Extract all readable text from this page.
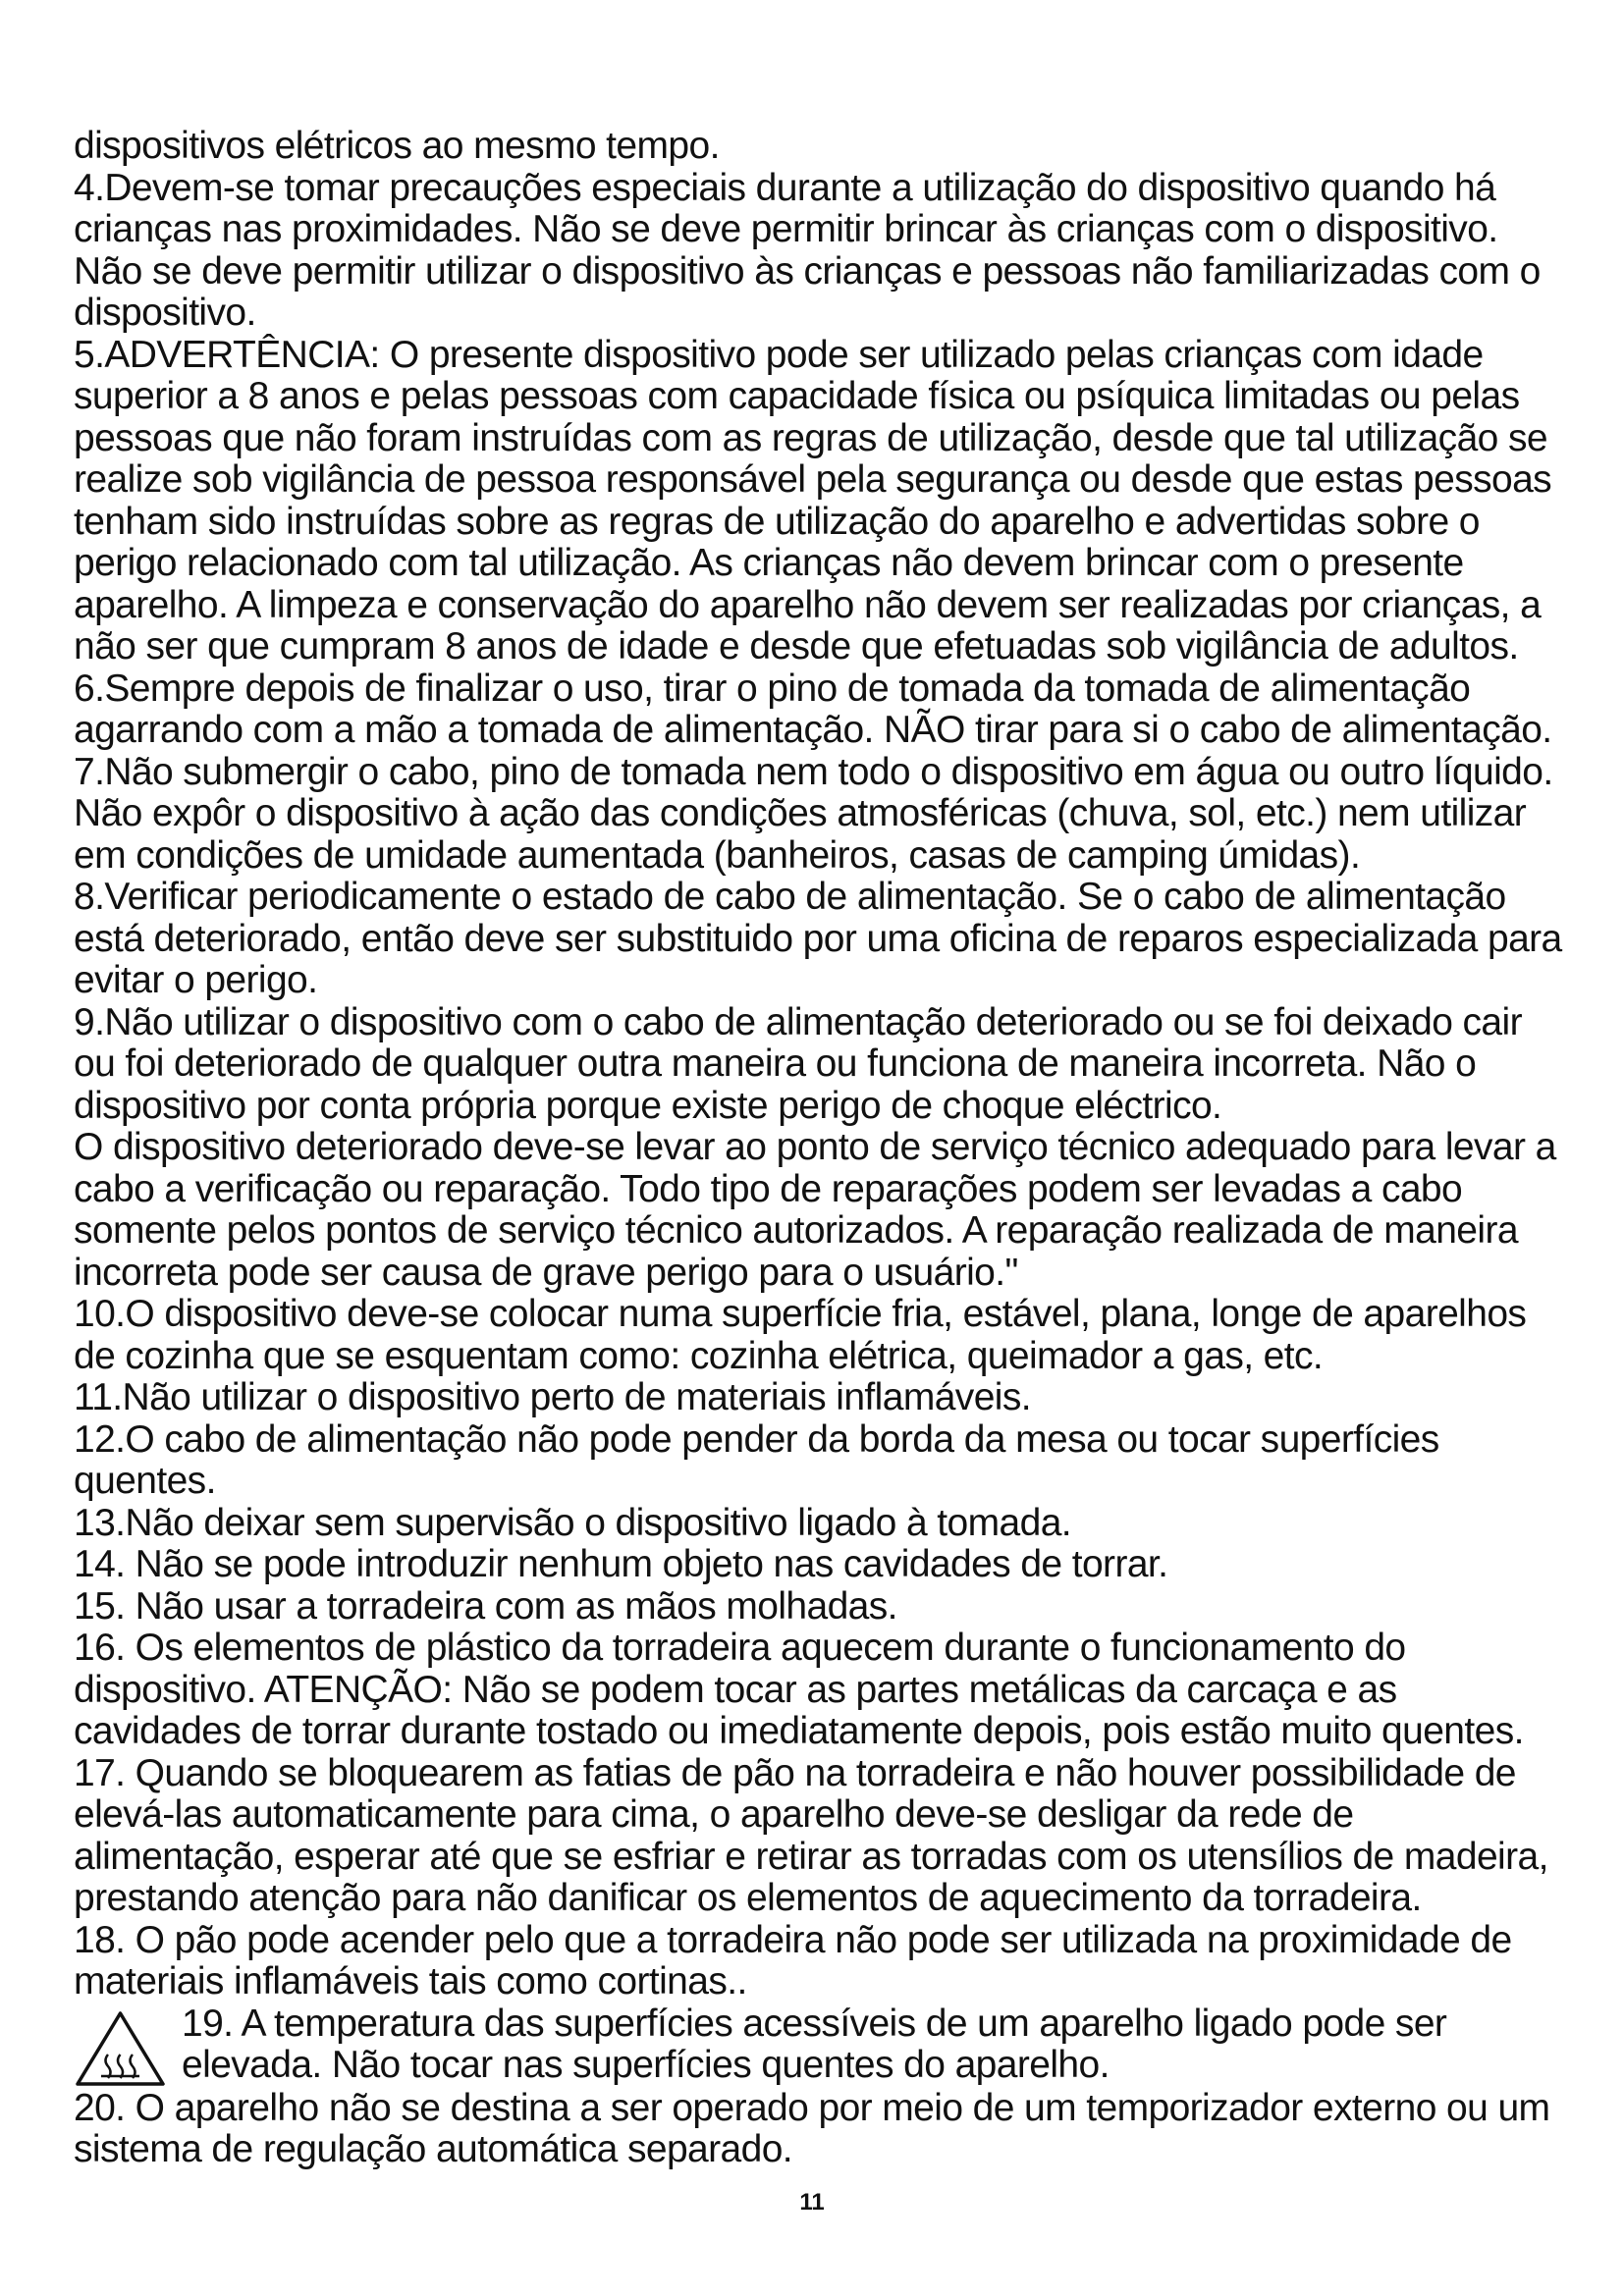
dispositivos elétricos ao mesmo tempo.

4.Devem-se tomar precauções especiais durante a utilização do dispositivo quando há crianças nas proximidades. Não se deve permitir brincar às crianças com o dispositivo. Não se deve permitir utilizar o dispositivo às crianças e pessoas não familiarizadas com o dispositivo.

5.ADVERTÊNCIA: O presente dispositivo pode ser utilizado pelas crianças com idade superior a 8 anos e pelas pessoas com capacidade física ou psíquica limitadas ou pelas pessoas que não foram instruídas com as regras de utilização, desde que tal utilização se realize sob vigilância de pessoa responsável pela segurança ou desde que estas pessoas tenham sido instruídas sobre as regras de utilização do aparelho e advertidas sobre o perigo relacionado com tal utilização. As crianças não devem brincar com o presente aparelho. A limpeza e conservação do aparelho não devem ser realizadas por crianças, a não ser que cumpram 8 anos de idade e desde que efetuadas sob vigilância de adultos.

6.Sempre depois de finalizar o uso, tirar o pino de tomada da tomada de alimentação agarrando com a mão a tomada de alimentação. NÃO tirar para si o cabo de alimentação.

7.Não submergir o cabo, pino de tomada nem todo o dispositivo em água ou outro líquido. Não expôr o dispositivo à ação das condições atmosféricas (chuva, sol, etc.) nem utilizar em condições de umidade aumentada (banheiros, casas de camping úmidas).

8.Verificar periodicamente o estado de cabo de alimentação. Se o cabo de alimentação está deteriorado, então deve ser substituido por uma oficina de reparos especializada para evitar o perigo.

9.Não utilizar o dispositivo com o cabo de alimentação deteriorado ou se foi deixado cair ou foi deteriorado de qualquer outra maneira ou funciona de maneira incorreta. Não o dispositivo por conta própria porque existe perigo de choque eléctrico.

O dispositivo deteriorado deve-se levar ao ponto de serviço técnico adequado para levar a cabo a verificação ou reparação. Todo tipo de reparações podem ser levadas a cabo somente pelos pontos de serviço técnico autorizados. A reparação realizada de maneira incorreta pode ser causa de grave perigo para o usuário."

10.O dispositivo deve-se colocar numa superfície fria, estável, plana, longe de aparelhos de cozinha que se esquentam como: cozinha elétrica, queimador a gas, etc.

11.Não utilizar o dispositivo perto de materiais inflamáveis.

12.O cabo de alimentação não pode pender da borda da mesa ou tocar superfícies quentes.

13.Não deixar sem supervisão o dispositivo ligado à tomada.

14. Não se pode introduzir nenhum objeto nas cavidades de torrar.

15. Não usar a torradeira com as mãos molhadas.

16. Os elementos de plástico da torradeira aquecem durante o funcionamento do dispositivo. ATENÇÃO: Não se podem tocar as partes metálicas da carcaça e as cavidades de torrar durante tostado ou imediatamente depois, pois estão muito quentes.

17. Quando se bloquearem as fatias de pão na torradeira e não houver possibilidade de elevá-las automaticamente para cima, o aparelho deve-se desligar da rede de alimentação, esperar até que se esfriar e retirar as torradas com os utensílios de madeira, prestando atenção para não danificar os elementos de aquecimento da torradeira.

18. O pão pode acender pelo que a torradeira não pode ser utilizada na proximidade de materiais inflamáveis tais como cortinas..

19. A temperatura das superfícies acessíveis de um aparelho ligado pode ser elevada. Não tocar nas superfícies quentes do aparelho.

20. O aparelho não se destina a ser operado por meio de um temporizador externo ou um sistema de regulação automática separado.

11
